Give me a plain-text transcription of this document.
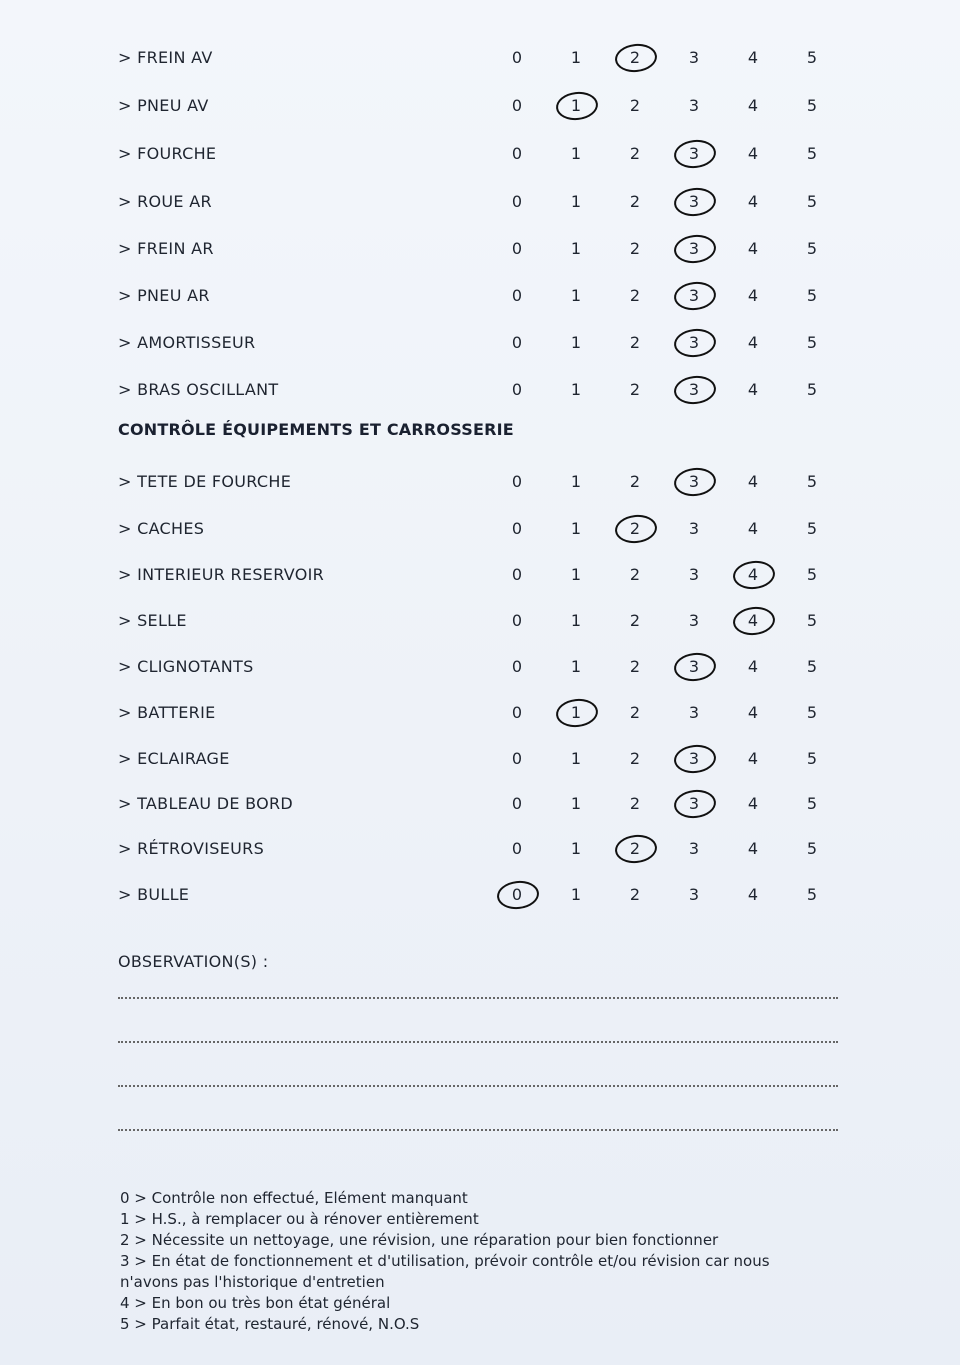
> FREIN AV	0	1	2	3	4	5
> PNEU AV	0	1	2	3	4	5
> FOURCHE	0	1	2	3	4	5
> ROUE AR	0	1	2	3	4	5
> FREIN AR	0	1	2	3	4	5
> PNEU AR	0	1	2	3	4	5
> AMORTISSEUR	0	1	2	3	4	5
> BRAS OSCILLANT	0	1	2	3	4	5
> TETE DE FOURCHE	0	1	2	3	4	5
> CACHES	0	1	2	3	4	5
> INTERIEUR RESERVOIR	0	1	2	3	4	5
> SELLE	0	1	2	3	4	5
> CLIGNOTANTS	0	1	2	3	4	5
> BATTERIE	0	1	2	3	4	5
> ECLAIRAGE	0	1	2	3	4	5
> TABLEAU DE BORD	0	1	2	3	4	5
> RÉTROVISEURS	0	1	2	3	4	5
> BULLE	0	1	2	3	4	5
CONTRÔLE ÉQUIPEMENTS ET CARROSSERIE
OBSERVATION(S) :
0 > Contrôle non effectué, Elément manquant
1 > H.S., à remplacer ou à rénover entièrement
2 > Nécessite un nettoyage, une révision, une réparation pour bien fonctionner
3 > En état de fonctionnement et d'utilisation, prévoir contrôle et/ou révision car nous
n'avons pas l'historique d'entretien
4 > En bon ou très bon état général
5 > Parfait état, restauré, rénové, N.O.S
